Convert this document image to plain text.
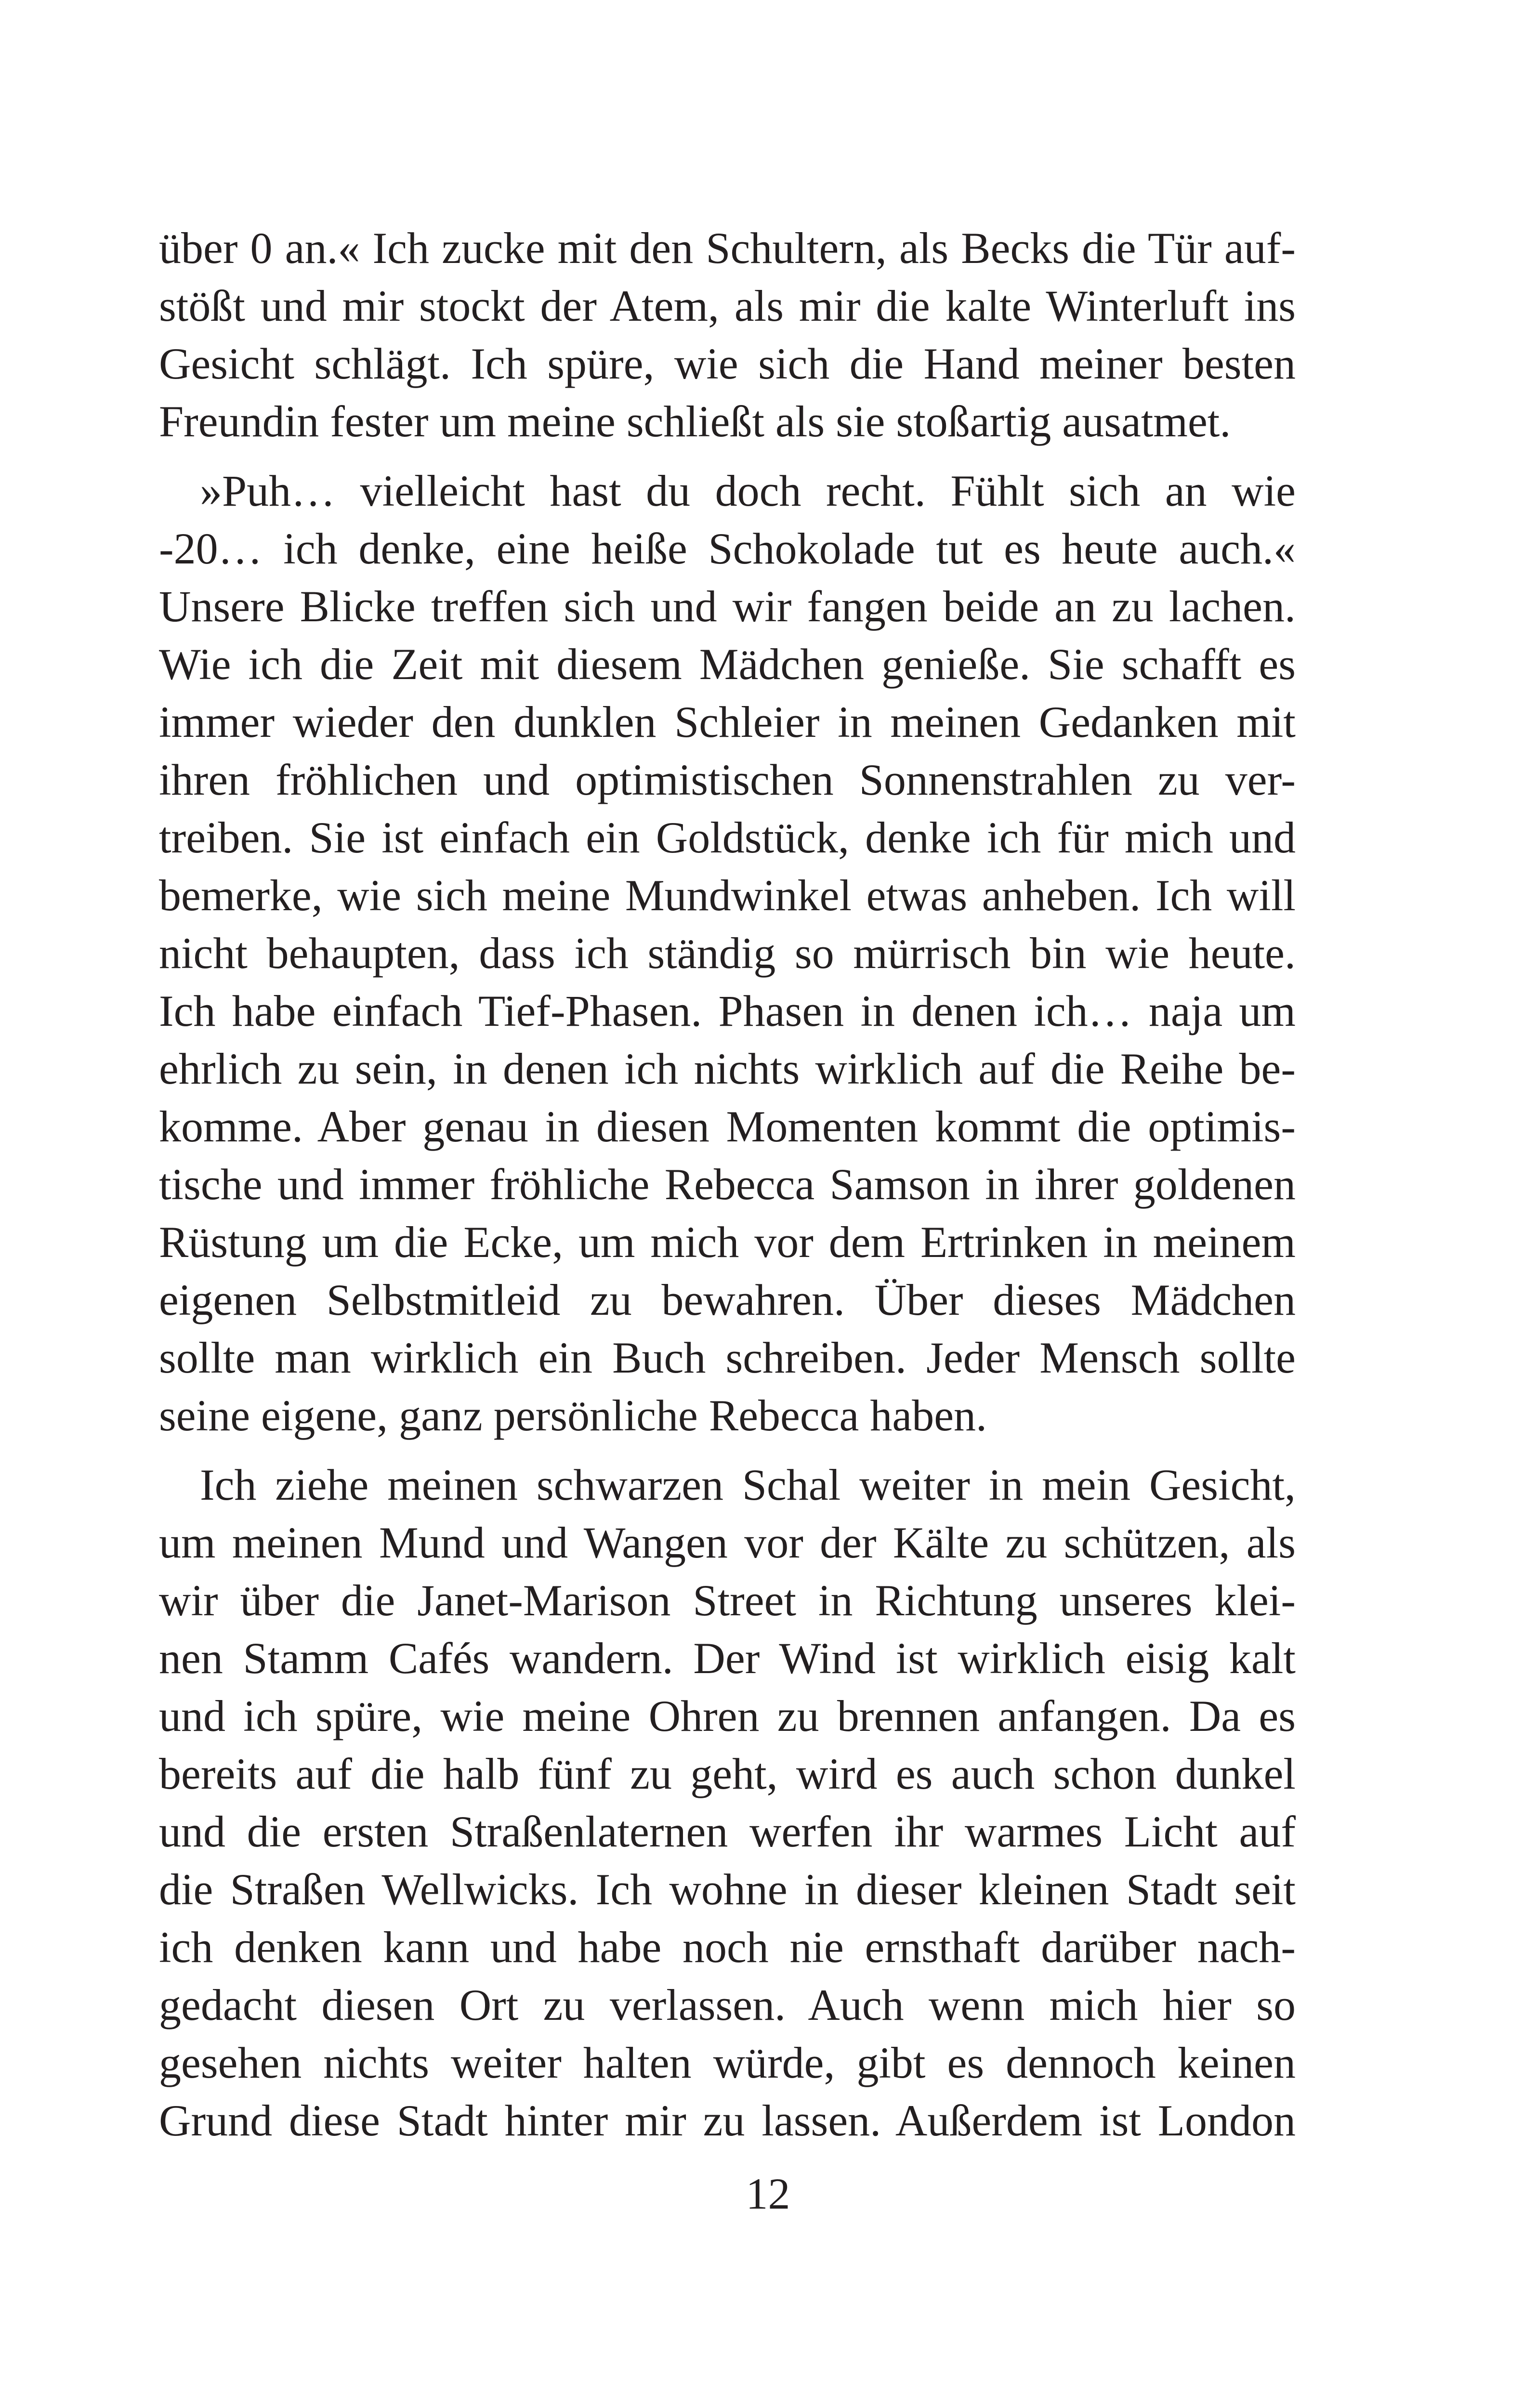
über 0 an.« Ich zucke mit den Schultern, als Becks die Tür auf-
stößt und mir stockt der Atem, als mir die kalte Winterluft ins
Gesicht schlägt. Ich spüre, wie sich die Hand meiner besten
Freundin fester um meine schließt als sie stoßartig ausatmet.
»Puh… vielleicht hast du doch recht. Fühlt sich an wie
-20… ich denke, eine heiße Schokolade tut es heute auch.«
Unsere Blicke treffen sich und wir fangen beide an zu lachen.
Wie ich die Zeit mit diesem Mädchen genieße. Sie schafft es
immer wieder den dunklen Schleier in meinen Gedanken mit
ihren fröhlichen und optimistischen Sonnenstrahlen zu ver-
treiben. Sie ist einfach ein Goldstück, denke ich für mich und
bemerke, wie sich meine Mundwinkel etwas anheben. Ich will
nicht behaupten, dass ich ständig so mürrisch bin wie heute.
Ich habe einfach Tief-Phasen. Phasen in denen ich… naja um
ehrlich zu sein, in denen ich nichts wirklich auf die Reihe be-
komme. Aber genau in diesen Momenten kommt die optimis-
tische und immer fröhliche Rebecca Samson in ihrer goldenen
Rüstung um die Ecke, um mich vor dem Ertrinken in meinem
eigenen Selbstmitleid zu bewahren. Über dieses Mädchen
sollte man wirklich ein Buch schreiben. Jeder Mensch sollte
seine eigene, ganz persönliche Rebecca haben.
Ich ziehe meinen schwarzen Schal weiter in mein Gesicht,
um meinen Mund und Wangen vor der Kälte zu schützen, als
wir über die Janet-Marison Street in Richtung unseres klei-
nen Stamm Cafés wandern. Der Wind ist wirklich eisig kalt
und ich spüre, wie meine Ohren zu brennen anfangen. Da es
bereits auf die halb fünf zu geht, wird es auch schon dunkel
und die ersten Straßenlaternen werfen ihr warmes Licht auf
die Straßen Wellwicks. Ich wohne in dieser kleinen Stadt seit
ich denken kann und habe noch nie ernsthaft darüber nach-
gedacht diesen Ort zu verlassen. Auch wenn mich hier so
gesehen nichts weiter halten würde, gibt es dennoch keinen
Grund diese Stadt hinter mir zu lassen. Außerdem ist London
12
